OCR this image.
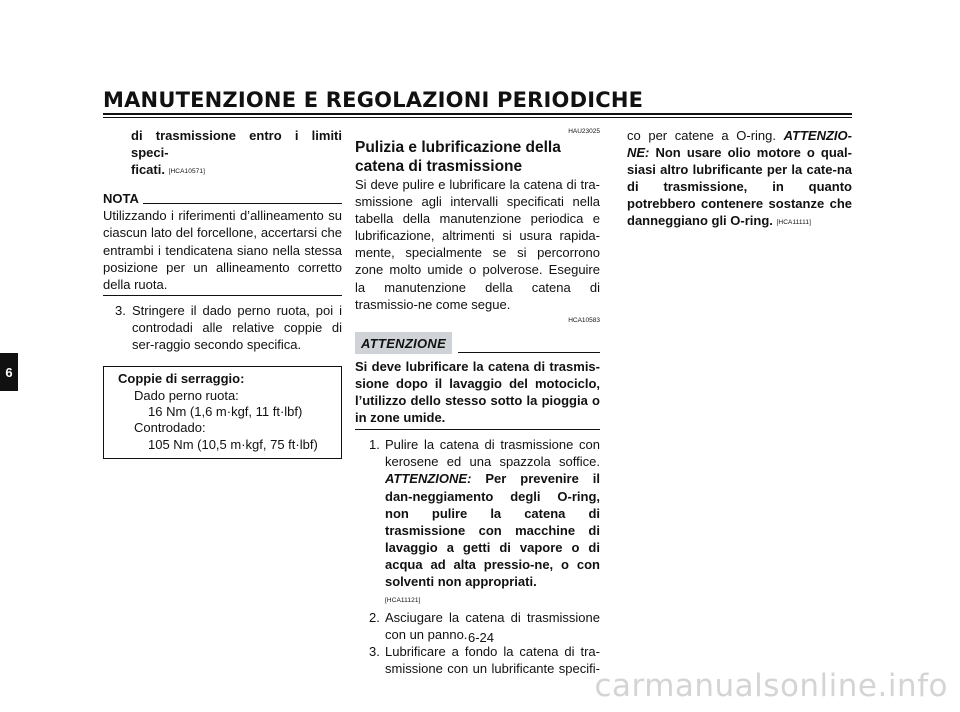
MANUTENZIONE E REGOLAZIONI PERIODICHE
6
di trasmissione entro i limiti speci-
ficati. [HCA10571]
NOTA
Utilizzando i riferimenti d’allineamento su ciascun lato del forcellone, accertarsi che entrambi i tendicatena siano nella stessa posizione per un allineamento corretto della ruota.
3. Stringere il dado perno ruota, poi i controdadi alle relative coppie di ser-raggio secondo specifica.
Coppie di serraggio:
Dado perno ruota:
16 Nm (1,6 m·kgf, 11 ft·lbf)
Controdado:
105 Nm (10,5 m·kgf, 75 ft·lbf)
HAU23025
Pulizia e lubrificazione della catena di trasmissione
Si deve pulire e lubrificare la catena di tra-smissione agli intervalli specificati nella tabella della manutenzione periodica e lubrificazione, altrimenti si usura rapida-mente, specialmente se si percorrono zone molto umide o polverose. Eseguire la manutenzione della catena di trasmissio-ne come segue.
HCA10583
ATTENZIONE
Si deve lubrificare la catena di trasmis-sione dopo il lavaggio del motociclo, l’utilizzo dello stesso sotto la pioggia o in zone umide.
1. Pulire la catena di trasmissione con kerosene ed una spazzola soffice. ATTENZIONE: Per prevenire il dan-neggiamento degli O-ring, non pulire la catena di trasmissione con macchine di lavaggio a getti di vapore o di acqua ad alta pressio-ne, o con solventi non appropriati.
[HCA11121]
2. Asciugare la catena di trasmissione con un panno.
3. Lubrificare a fondo la catena di tra-smissione con un lubrificante specifi-
co per catene a O-ring. ATTENZIO-NE: Non usare olio motore o qual-siasi altro lubrificante per la cate-na di trasmissione, in quanto potrebbero contenere sostanze che danneggiano gli O-ring. [HCA11111]
6-24
carmanualsonline.info
